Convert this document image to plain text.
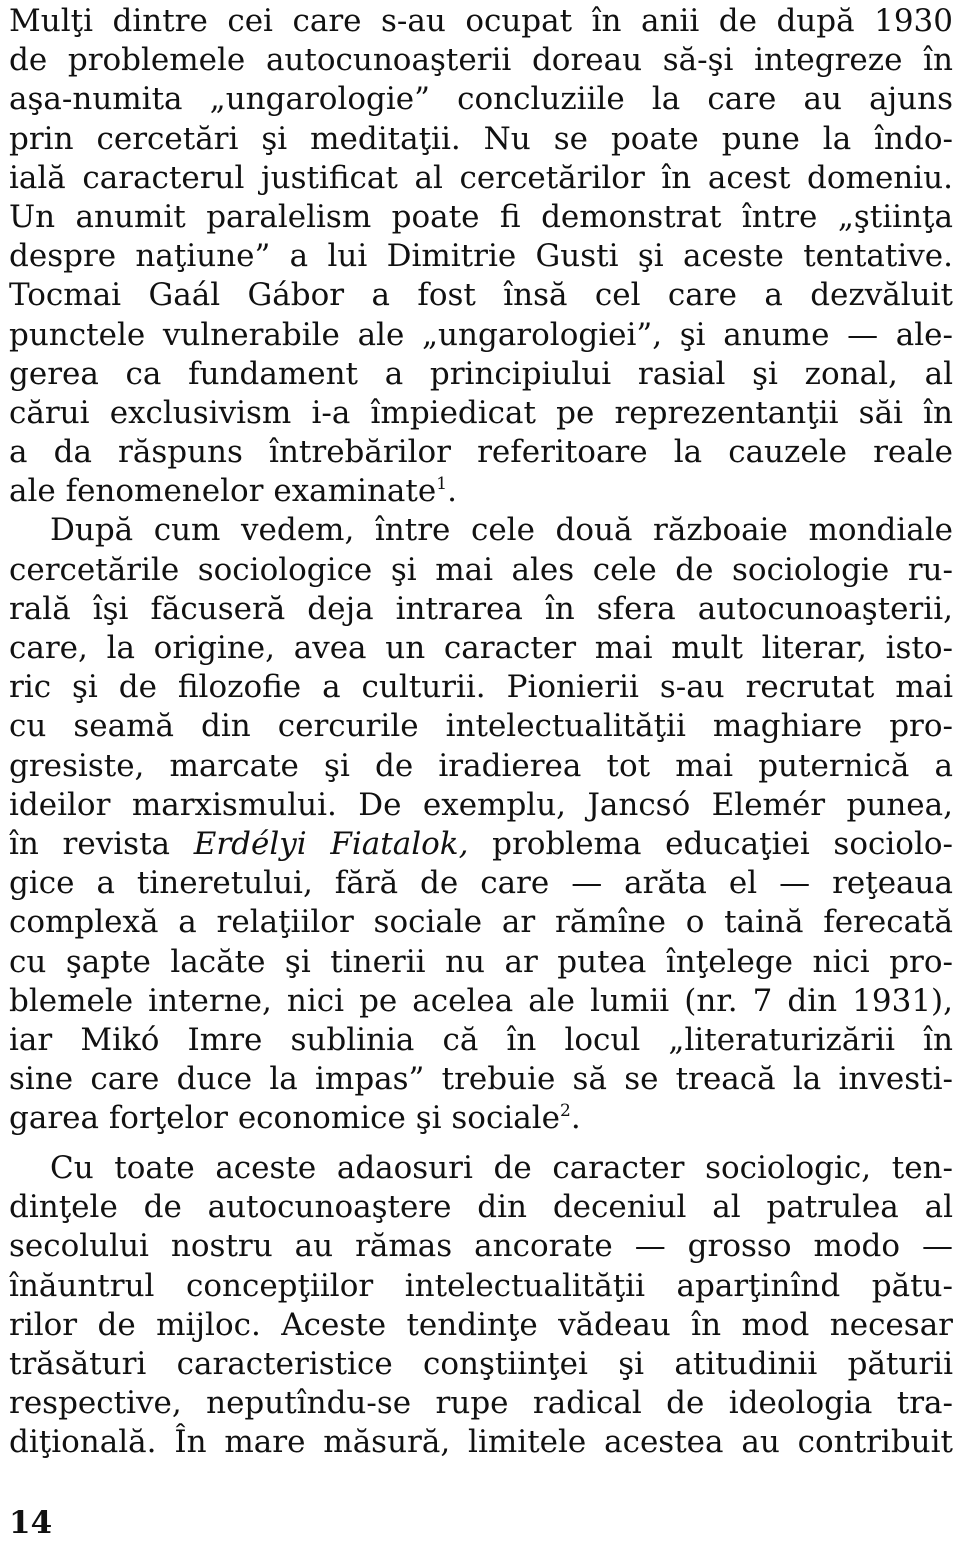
Mulţi dintre cei care s-au ocupat în anii de după 1930
de problemele autocunoaşterii doreau să-şi integreze în
aşa-numita „ungarologie” concluziile la care au ajuns
prin cercetări şi meditaţii. Nu se poate pune la îndo-
ială caracterul justificat al cercetărilor în acest domeniu.
Un anumit paralelism poate fi demonstrat între „ştiinţa
despre naţiune” a lui Dimitrie Gusti şi aceste tentative.
Tocmai Gaál Gábor a fost însă cel care a dezvăluit
punctele vulnerabile ale „ungarologiei”, şi anume — ale-
gerea ca fundament a principiului rasial şi zonal, al
cărui exclusivism i-a împiedicat pe reprezentanţii săi în
a da răspuns întrebărilor referitoare la cauzele reale
ale fenomenelor examinate$^1$.
După cum vedem, între cele două războaie mondiale
cercetările sociologice şi mai ales cele de sociologie ru-
rală îşi făcuseră deja intrarea în sfera autocunoaşterii,
care, la origine, avea un caracter mai mult literar, isto-
ric şi de filozofie a culturii. Pionierii s-au recrutat mai
cu seamă din cercurile intelectualităţii maghiare pro-
gresiste, marcate şi de iradierea tot mai puternică a
ideilor marxismului. De exemplu, Jancsó Elemér punea,
în revista Erdélyi Fiatalok, problema educaţiei sociolo-
gice a tineretului, fără de care — arăta el — reţeaua
complexă a relaţiilor sociale ar rămîne o taină ferecată
cu şapte lacăte şi tinerii nu ar putea înţelege nici pro-
blemele interne, nici pe acelea ale lumii (nr. 7 din 1931),
iar Mikó Imre sublinia că în locul „literaturizării în
sine care duce la impas” trebuie să se treacă la investi-
garea forţelor economice şi sociale$^2$.
Cu toate aceste adaosuri de caracter sociologic, ten-
dinţele de autocunoaştere din deceniul al patrulea al
secolului nostru au rămas ancorate — grosso modo —
înăuntrul concepţiilor intelectualităţii aparţinînd pătu-
rilor de mijloc. Aceste tendinţe vădeau în mod necesar
trăsături caracteristice conştiinţei şi atitudinii păturii
respective, neputîndu-se rupe radical de ideologia tra-
diţională. În mare măsură, limitele acestea au contribuit
14
